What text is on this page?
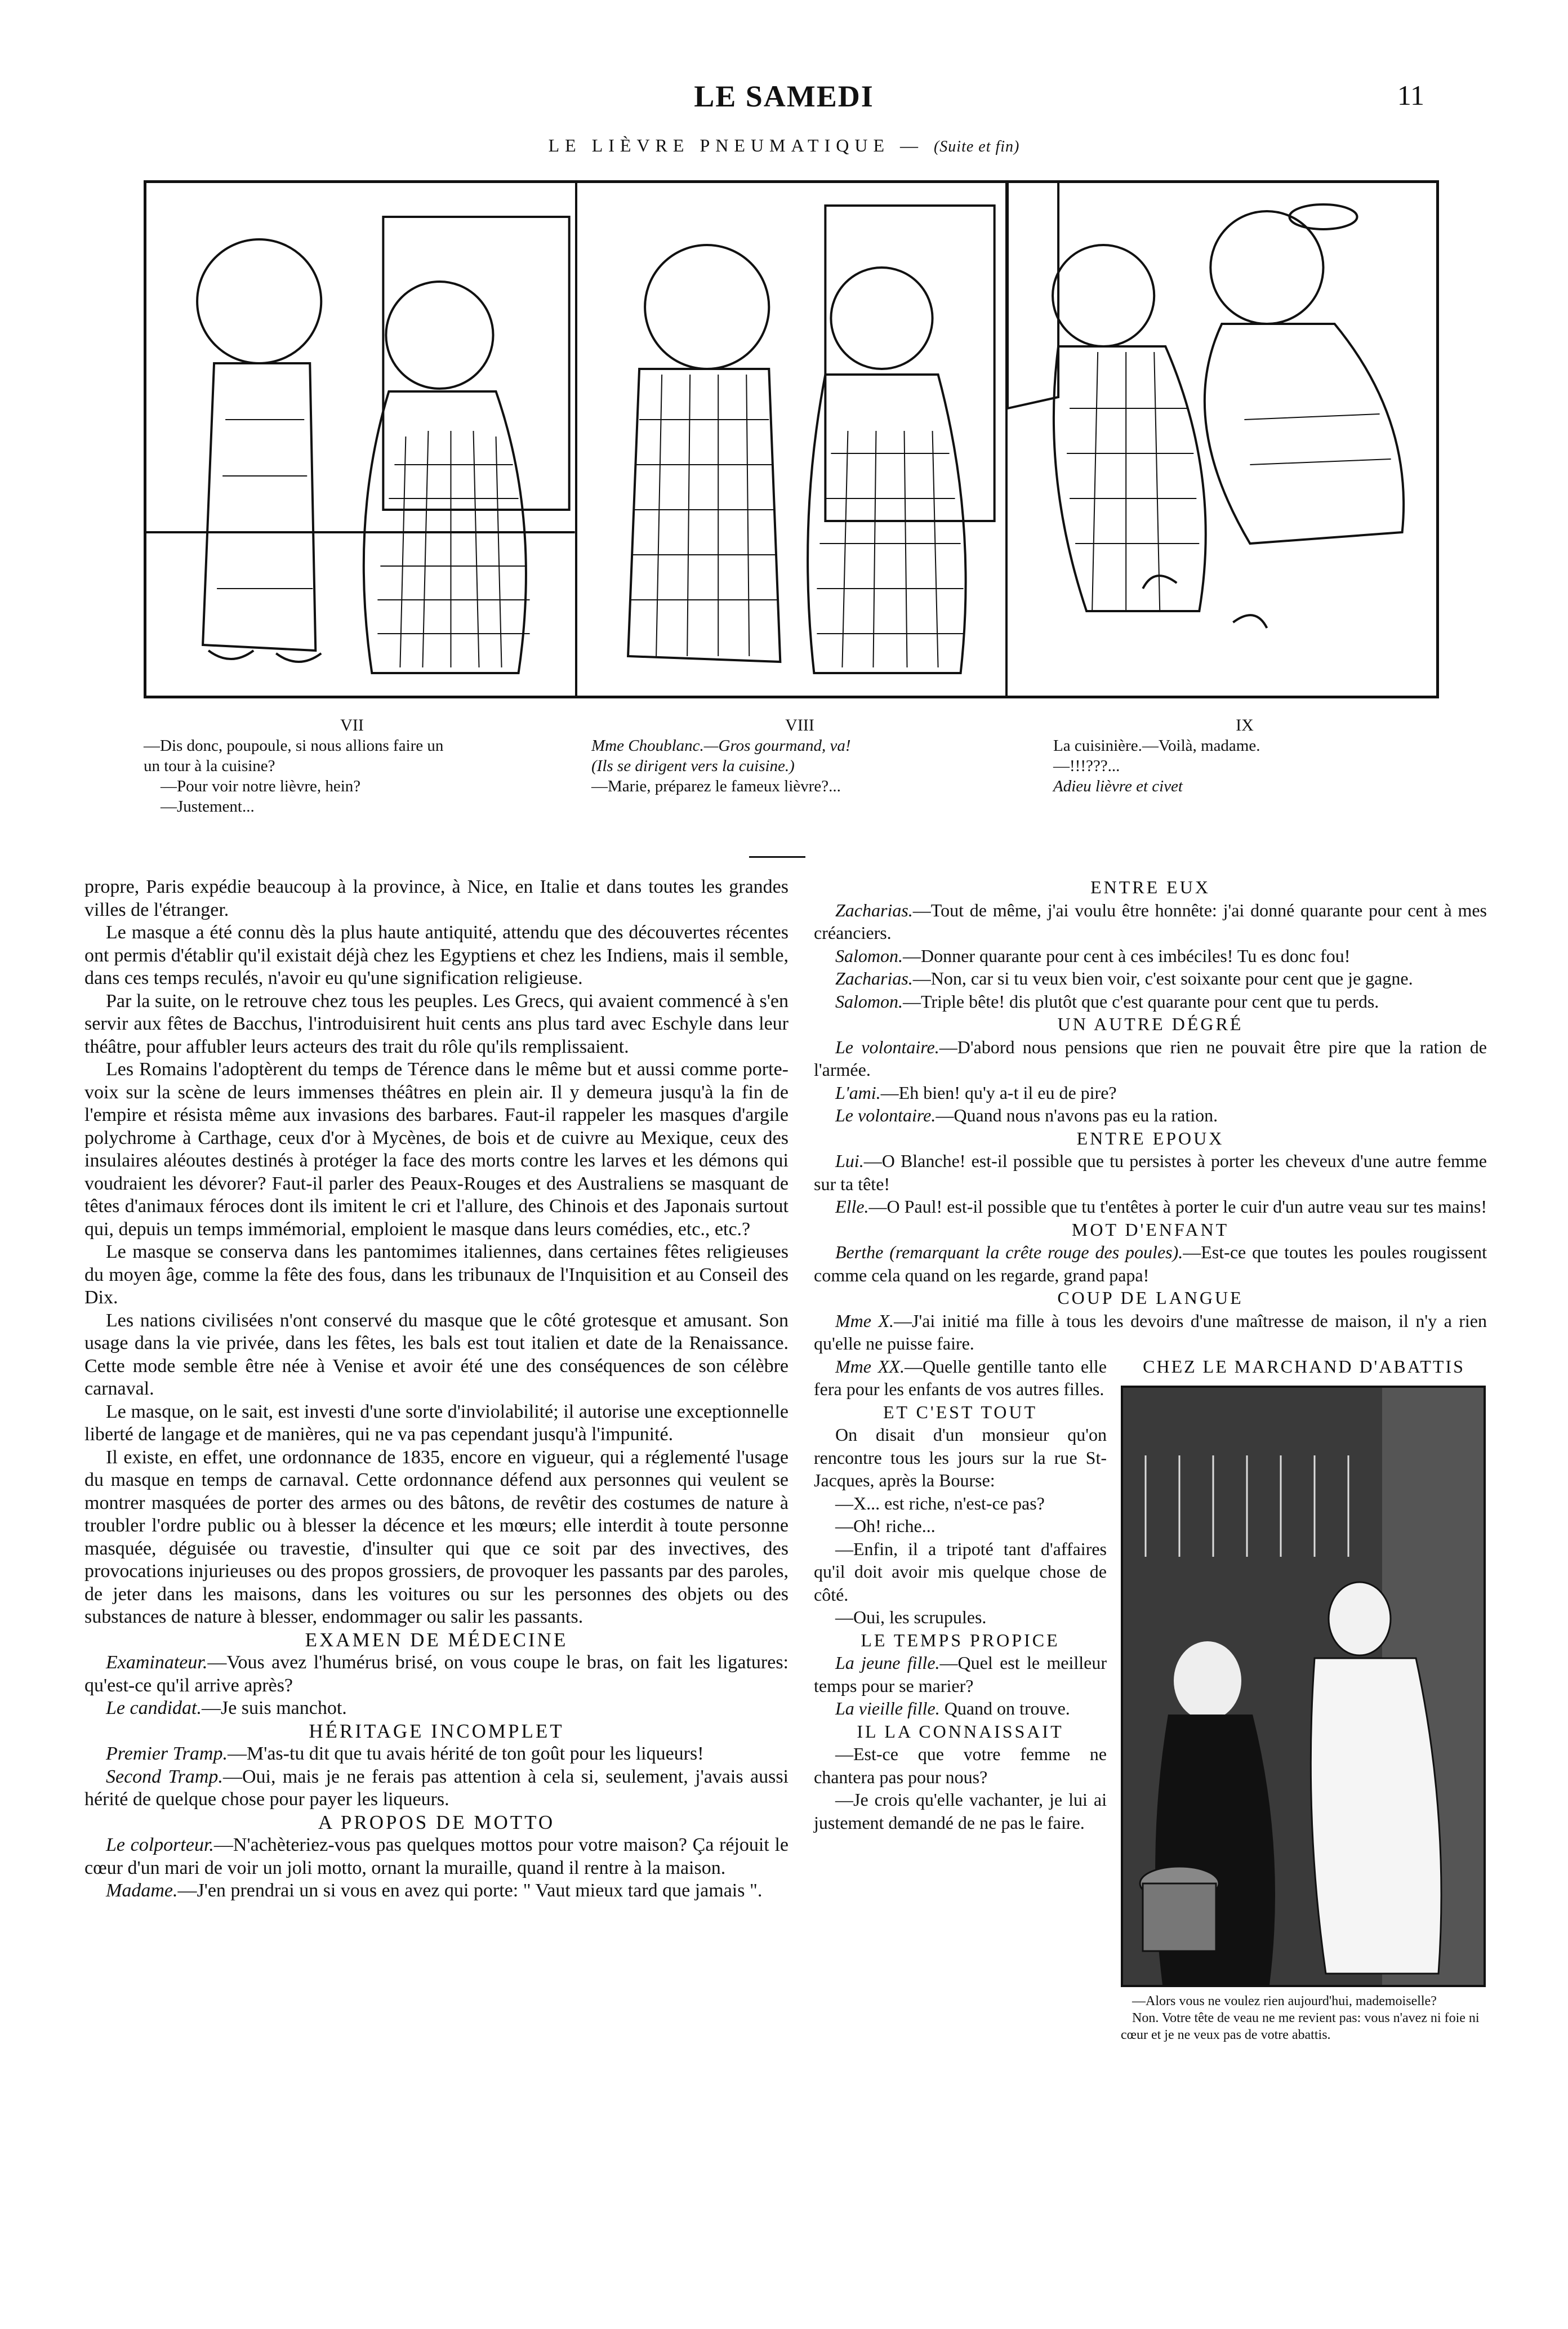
LE SAMEDI	11
LE LIÈVRE PNEUMATIQUE — (Suite et fin)
VII
—Dis donc, poupoule, si nous allions faire un
un tour à la cuisine?
—Pour voir notre lièvre, hein?
—Justement...
VIII
Mme Choublanc.—Gros gourmand, va!
(Ils se dirigent vers la cuisine.)
—Marie, préparez le fameux lièvre?...
IX
La cuisinière.—Voilà, madame.
—!!!???...
Adieu lièvre et civet

propre, Paris expédie beaucoup à la province, à Nice, en Italie et dans toutes les grandes villes de l'étranger.

Le masque a été connu dès la plus haute antiquité, attendu que des découvertes récentes ont permis d'établir qu'il existait déjà chez les Egyptiens et chez les Indiens, mais il semble, dans ces temps reculés, n'avoir eu qu'une signification religieuse.

Par la suite, on le retrouve chez tous les peuples. Les Grecs, qui avaient commencé à s'en servir aux fêtes de Bacchus, l'introduisirent huit cents ans plus tard avec Eschyle dans leur théâtre, pour affubler leurs acteurs des trait du rôle qu'ils remplissaient.

Les Romains l'adoptèrent du temps de Térence dans le même but et aussi comme porte-voix sur la scène de leurs immenses théâtres en plein air. Il y demeura jusqu'à la fin de l'empire et résista même aux invasions des barbares. Faut-il rappeler les masques d'argile polychrome à Carthage, ceux d'or à Mycènes, de bois et de cuivre au Mexique, ceux des insulaires aléoutes destinés à protéger la face des morts contre les larves et les démons qui voudraient les dévorer? Faut-il parler des Peaux-Rouges et des Australiens se masquant de têtes d'animaux féroces dont ils imitent le cri et l'allure, des Chinois et des Japonais surtout qui, depuis un temps immémorial, emploient le masque dans leurs comédies, etc., etc.?

Le masque se conserva dans les pantomimes italiennes, dans certaines fêtes religieuses du moyen âge, comme la fête des fous, dans les tribunaux de l'Inquisition et au Conseil des Dix.

Les nations civilisées n'ont conservé du masque que le côté grotesque et amusant. Son usage dans la vie privée, dans les fêtes, les bals est tout italien et date de la Renaissance. Cette mode semble être née à Venise et avoir été une des conséquences de son célèbre carnaval.

Le masque, on le sait, est investi d'une sorte d'inviolabilité; il autorise une exceptionnelle liberté de langage et de manières, qui ne va pas cependant jusqu'à l'impunité.

Il existe, en effet, une ordonnance de 1835, encore en vigueur, qui a réglementé l'usage du masque en temps de carnaval. Cette ordonnance défend aux personnes qui veulent se montrer masquées de porter des armes ou des bâtons, de revêtir des costumes de nature à troubler l'ordre public ou à blesser la décence et les mœurs; elle interdit à toute personne masquée, déguisée ou travestie, d'insulter qui que ce soit par des invectives, des provocations injurieuses ou des propos grossiers, de provoquer les passants par des paroles, de jeter dans les maisons, dans les voitures ou sur les personnes des objets ou des substances de nature à blesser, endommager ou salir les passants.

EXAMEN DE MÉDECINE

Examinateur.—Vous avez l'humérus brisé, on vous coupe le bras, on fait les ligatures: qu'est-ce qu'il arrive après?

Le candidat.—Je suis manchot.

HÉRITAGE INCOMPLET

Premier Tramp.—M'as-tu dit que tu avais hérité de ton goût pour les liqueurs!

Second Tramp.—Oui, mais je ne ferais pas attention à cela si, seulement, j'avais aussi hérité de quelque chose pour payer les liqueurs.

A PROPOS DE MOTTO

Le colporteur.—N'achèteriez-vous pas quelques mottos pour votre maison? Ça réjouit le cœur d'un mari de voir un joli motto, ornant la muraille, quand il rentre à la maison.

Madame.—J'en prendrai un si vous en avez qui porte: " Vaut mieux tard que jamais ".

ENTRE EUX

Zacharias.—Tout de même, j'ai voulu être honnête: j'ai donné quarante pour cent à mes créanciers.

Salomon.—Donner quarante pour cent à ces imbéciles! Tu es donc fou!

Zacharias.—Non, car si tu veux bien voir, c'est soixante pour cent que je gagne.

Salomon.—Triple bête! dis plutôt que c'est quarante pour cent que tu perds.

UN AUTRE DÉGRÉ

Le volontaire.—D'abord nous pensions que rien ne pouvait être pire que la ration de l'armée.

L'ami.—Eh bien! qu'y a-t il eu de pire?

Le volontaire.—Quand nous n'avons pas eu la ration.

ENTRE EPOUX

Lui.—O Blanche! est-il possible que tu persistes à porter les cheveux d'une autre femme sur ta tête!

Elle.—O Paul! est-il possible que tu t'entêtes à porter le cuir d'un autre veau sur tes mains!

MOT D'ENFANT

Berthe (remarquant la crête rouge des poules).—Est-ce que toutes les poules rougissent comme cela quand on les regarde, grand papa!

COUP DE LANGUE

Mme X.—J'ai initié ma fille à tous les devoirs d'une maîtresse de maison, il n'y a rien qu'elle ne puisse faire.

Mme XX.—Quelle gentille tanto elle fera pour les enfants de vos autres filles.

ET C'EST TOUT

On disait d'un monsieur qu'on rencontre tous les jours sur la rue St-Jacques, après la Bourse:

—X... est riche, n'est-ce pas?

—Oh! riche...

—Enfin, il a tripoté tant d'affaires qu'il doit avoir mis quelque chose de côté.

—Oui, les scrupules.

LE TEMPS PROPICE

La jeune fille.—Quel est le meilleur temps pour se marier?

La vieille fille. Quand on trouve.

IL LA CONNAISSAIT

—Est-ce que votre femme ne chantera pas pour nous?

—Je crois qu'elle vachanter, je lui ai justement demandé de ne pas le faire.

CHEZ LE MARCHAND D'ABATTIS
—Alors vous ne voulez rien aujourd'hui, mademoiselle?
Non. Votre tête de veau ne me revient pas: vous n'avez ni foie ni cœur et je ne veux pas de votre abattis.
